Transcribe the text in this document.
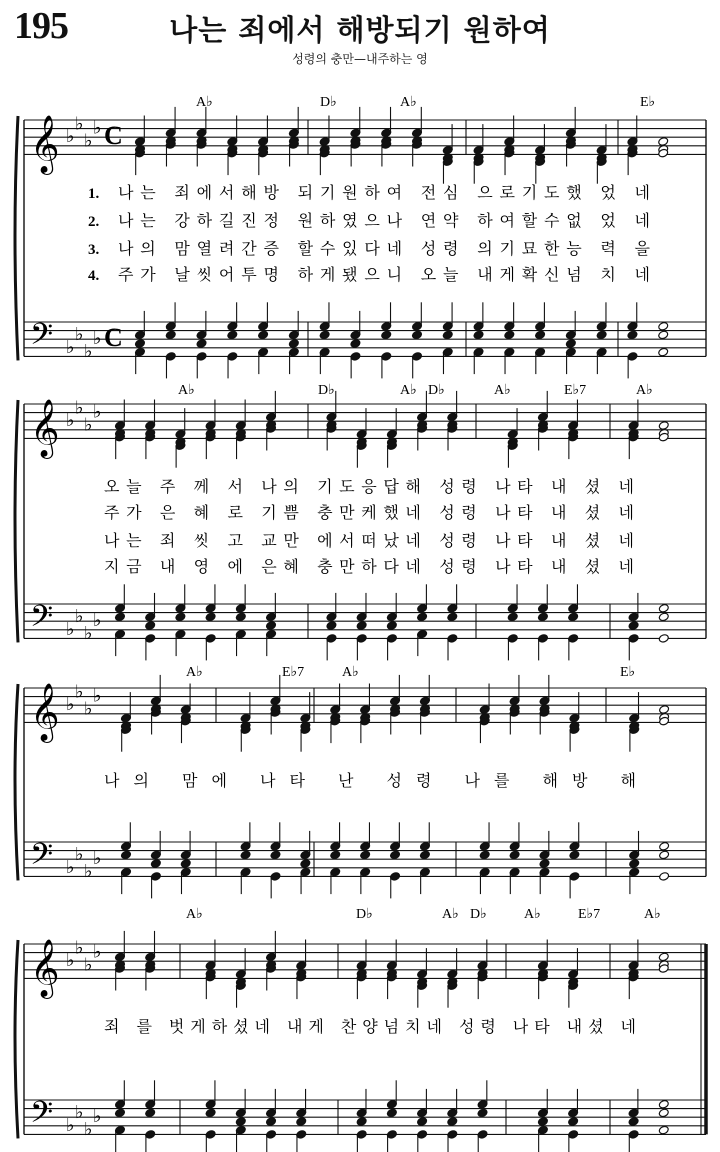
195	나는 죄에서 해방되기 원하여
성령의 충만—내주하는 영
𝄞
𝄢
♭
♭
♭
♭
♭
♭
♭
♭
C
C
A♭	D♭	A♭	E♭
1. 나는 죄에서해방 되기원하여 전심 으로기도했 었 네
2. 나는 강하길진정 원하였으나 연약 하여할수없 었 네
3. 나의 맘열려간증 할수있다네 성령 의기묘한능 력 을
4. 주가 날씻어투명 하게됐으니 오늘 내게확신넘 치 네
𝄞
𝄢
♭
♭
♭
♭
♭
♭
♭
♭
A♭	D♭	A♭ D♭	A♭	E♭7	A♭
오늘 주 께 서 나의 기도응답해 성령 나타 내 셨 네
주가 은 혜 로 기쁨 충만케했네 성령 나타 내 셨 네
나는 죄 씻 고 교만 에서떠났네 성령 나타 내 셨 네
지금 내 영 에 은혜 충만하다네 성령 나타 내 셨 네
𝄞
𝄢
♭
♭
♭
♭
♭
♭
♭
♭
A♭	E♭7	A♭	E♭
나의 맘에 나타 난 성령 나를 해방 해
𝄞
𝄢
♭
♭
♭
♭
♭
♭
♭
♭
A♭	D♭	A♭ D♭	A♭	E♭7	A♭
죄 를 벗게하셨네 내게 찬양넘치네 성령 나타 내셨 네
